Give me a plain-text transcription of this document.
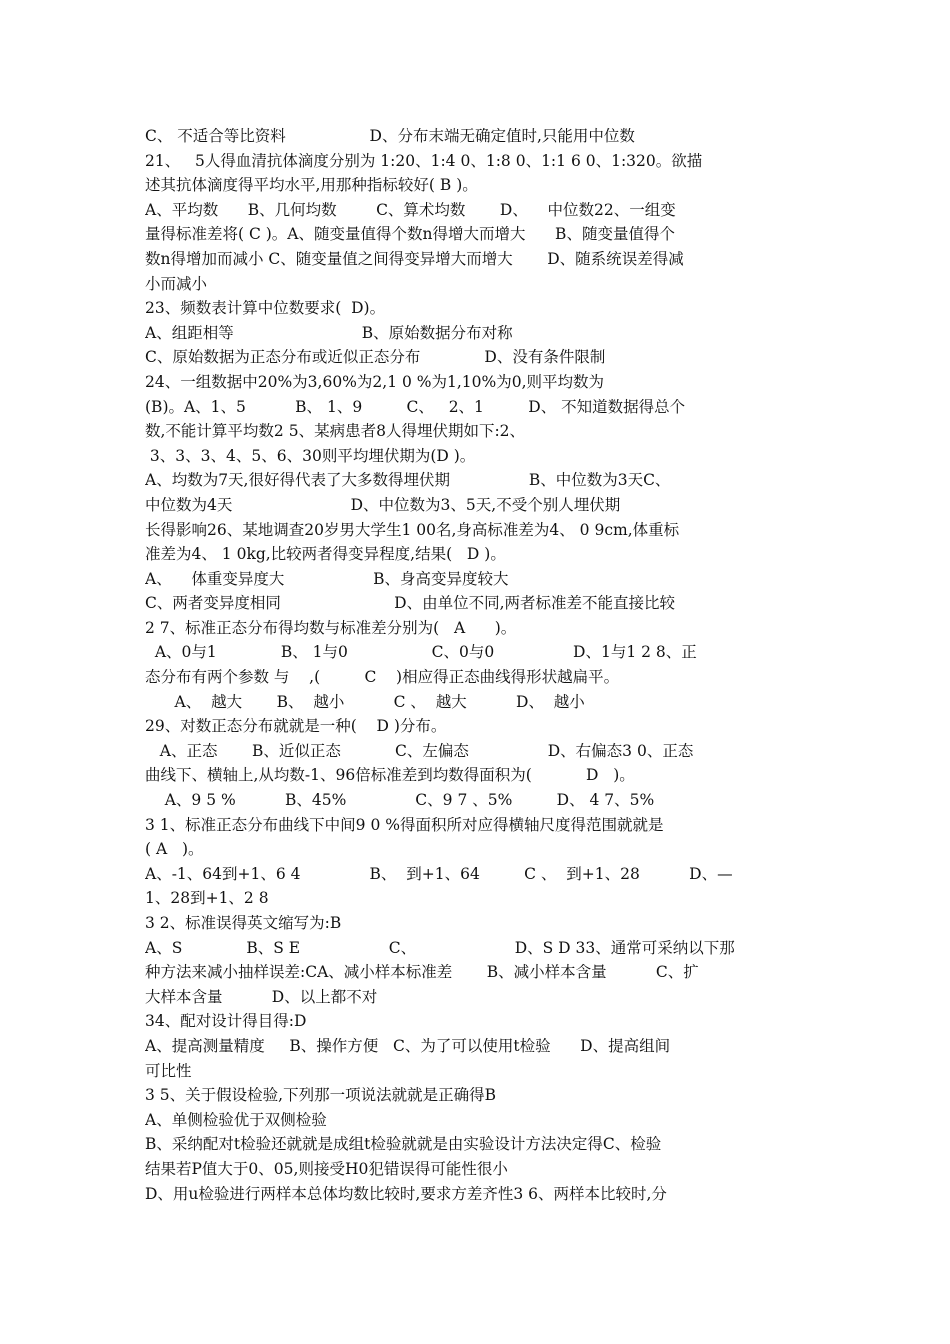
C、 不适合等比资料                 D、分布末端无确定值时,只能用中位数
21、   5人得血清抗体滴度分别为 1:20、1:4 0、1:8 0、1:1 6 0、1:320。欲描
述其抗体滴度得平均水平,用那种指标较好( B )。
A、平均数      B、几何均数        C、算术均数       D、    中位数22、一组变
量得标准差将( C )。A、随变量值得个数n得增大而增大      B、随变量值得个
数n得增加而减小 C、随变量值之间得变异增大而增大       D、随系统误差得减
小而减小
23、频数表计算中位数要求(  D)。
A、组距相等                          B、原始数据分布对称
C、原始数据为正态分布或近似正态分布             D、没有条件限制
24、一组数据中20%为3,60%为2,1 0 %为1,10%为0,则平均数为
(B)。A、1、5          B、 1、9         C、   2、1         D、 不知道数据得总个
数,不能计算平均数2 5、某病患者8人得埋伏期如下:2、
3、3、3、4、5、6、30则平均埋伏期为(D )。
A、均数为7天,很好得代表了大多数得埋伏期                B、中位数为3天C、
中位数为4天                        D、中位数为3、5天,不受个别人埋伏期
长得影响26、某地调查20岁男大学生1 00名,身高标准差为4、 0 9cm,体重标
准差为4、 1 0kg,比较两者得变异程度,结果(   D )。
A、    体重变异度大                  B、身高变异度较大
C、两者变异度相同                       D、由单位不同,两者标准差不能直接比较
2 7、标准正态分布得均数与标准差分别为(   A      )。
A、0与1             B、 1与0                 C、0与0                D、1与1 2 8、正
态分布有两个参数 与    ,(         C    )相应得正态曲线得形状越扁平。
A、  越大       B、  越小          C 、  越大          D、  越小
29、对数正态分布就就是一种(    D )分布。
A、正态       B、近似正态           C、左偏态                D、右偏态3 0、正态
曲线下、横轴上,从均数-1、96倍标准差到均数得面积为(           D   )。
A、9 5 %          B、45%              C、9 7 、5%         D、 4 7、5%
3 1、标准正态分布曲线下中间9 0 %得面积所对应得横轴尺度得范围就就是
( A   )。
A、-1、64到+1、6 4              B、  到+1、64         C 、  到+1、28          D、—
1、28到+1、2 8
3 2、标准误得英文缩写为:B
A、S             B、S E                  C、                    D、S D 33、通常可采纳以下那
种方法来减小抽样误差:CA、减小样本标准差       B、减小样本含量          C、扩
大样本含量          D、以上都不对
34、配对设计得目得:D
A、提高测量精度     B、操作方便   C、为了可以使用t检验      D、提高组间
可比性
3 5、关于假设检验,下列那一项说法就就是正确得B
A、单侧检验优于双侧检验
B、采纳配对t检验还就就是成组t检验就就是由实验设计方法决定得C、检验
结果若P值大于0、05,则接受H0犯错误得可能性很小
D、用u检验进行两样本总体均数比较时,要求方差齐性3 6、两样本比较时,分
